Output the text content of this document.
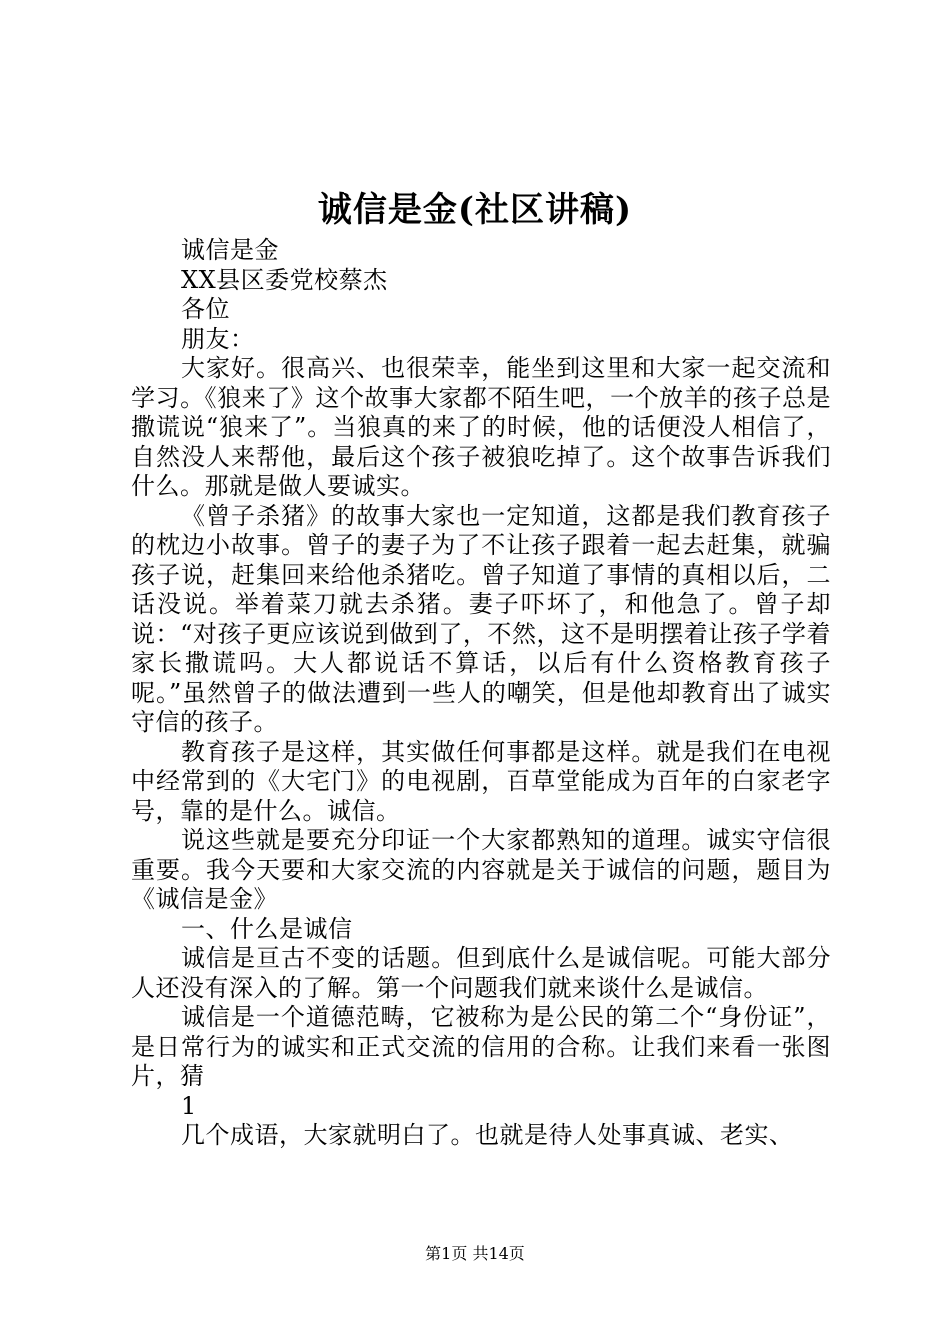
诚信是金(社区讲稿)

诚信是金

XX县区委党校蔡杰

各位

朋友：

大家好。很高兴、也很荣幸，能坐到这里和大家一起交流和学习。《狼来了》这个故事大家都不陌生吧，一个放羊的孩子总是撒谎说“狼来了”。当狼真的来了的时候，他的话便没人相信了，自然没人来帮他，最后这个孩子被狼吃掉了。这个故事告诉我们什么。那就是做人要诚实。

《曾子杀猪》的故事大家也一定知道，这都是我们教育孩子的枕边小故事。曾子的妻子为了不让孩子跟着一起去赶集，就骗孩子说，赶集回来给他杀猪吃。曾子知道了事情的真相以后，二话没说。举着菜刀就去杀猪。妻子吓坏了，和他急了。曾子却说：“对孩子更应该说到做到了，不然，这不是明摆着让孩子学着家长撒谎吗。大人都说话不算话，以后有什么资格教育孩子呢。”虽然曾子的做法遭到一些人的嘲笑，但是他却教育出了诚实守信的孩子。

教育孩子是这样，其实做任何事都是这样。就是我们在电视中经常到的《大宅门》的电视剧，百草堂能成为百年的白家老字号，靠的是什么。诚信。

说这些就是要充分印证一个大家都熟知的道理。诚实守信很重要。我今天要和大家交流的内容就是关于诚信的问题，题目为《诚信是金》

一、什么是诚信

诚信是亘古不变的话题。但到底什么是诚信呢。可能大部分人还没有深入的了解。第一个问题我们就来谈什么是诚信。

诚信是一个道德范畴，它被称为是公民的第二个“身份证”，是日常行为的诚实和正式交流的信用的合称。让我们来看一张图片，猜

1

几个成语，大家就明白了。也就是待人处事真诚、老实、

第1页 共14页
